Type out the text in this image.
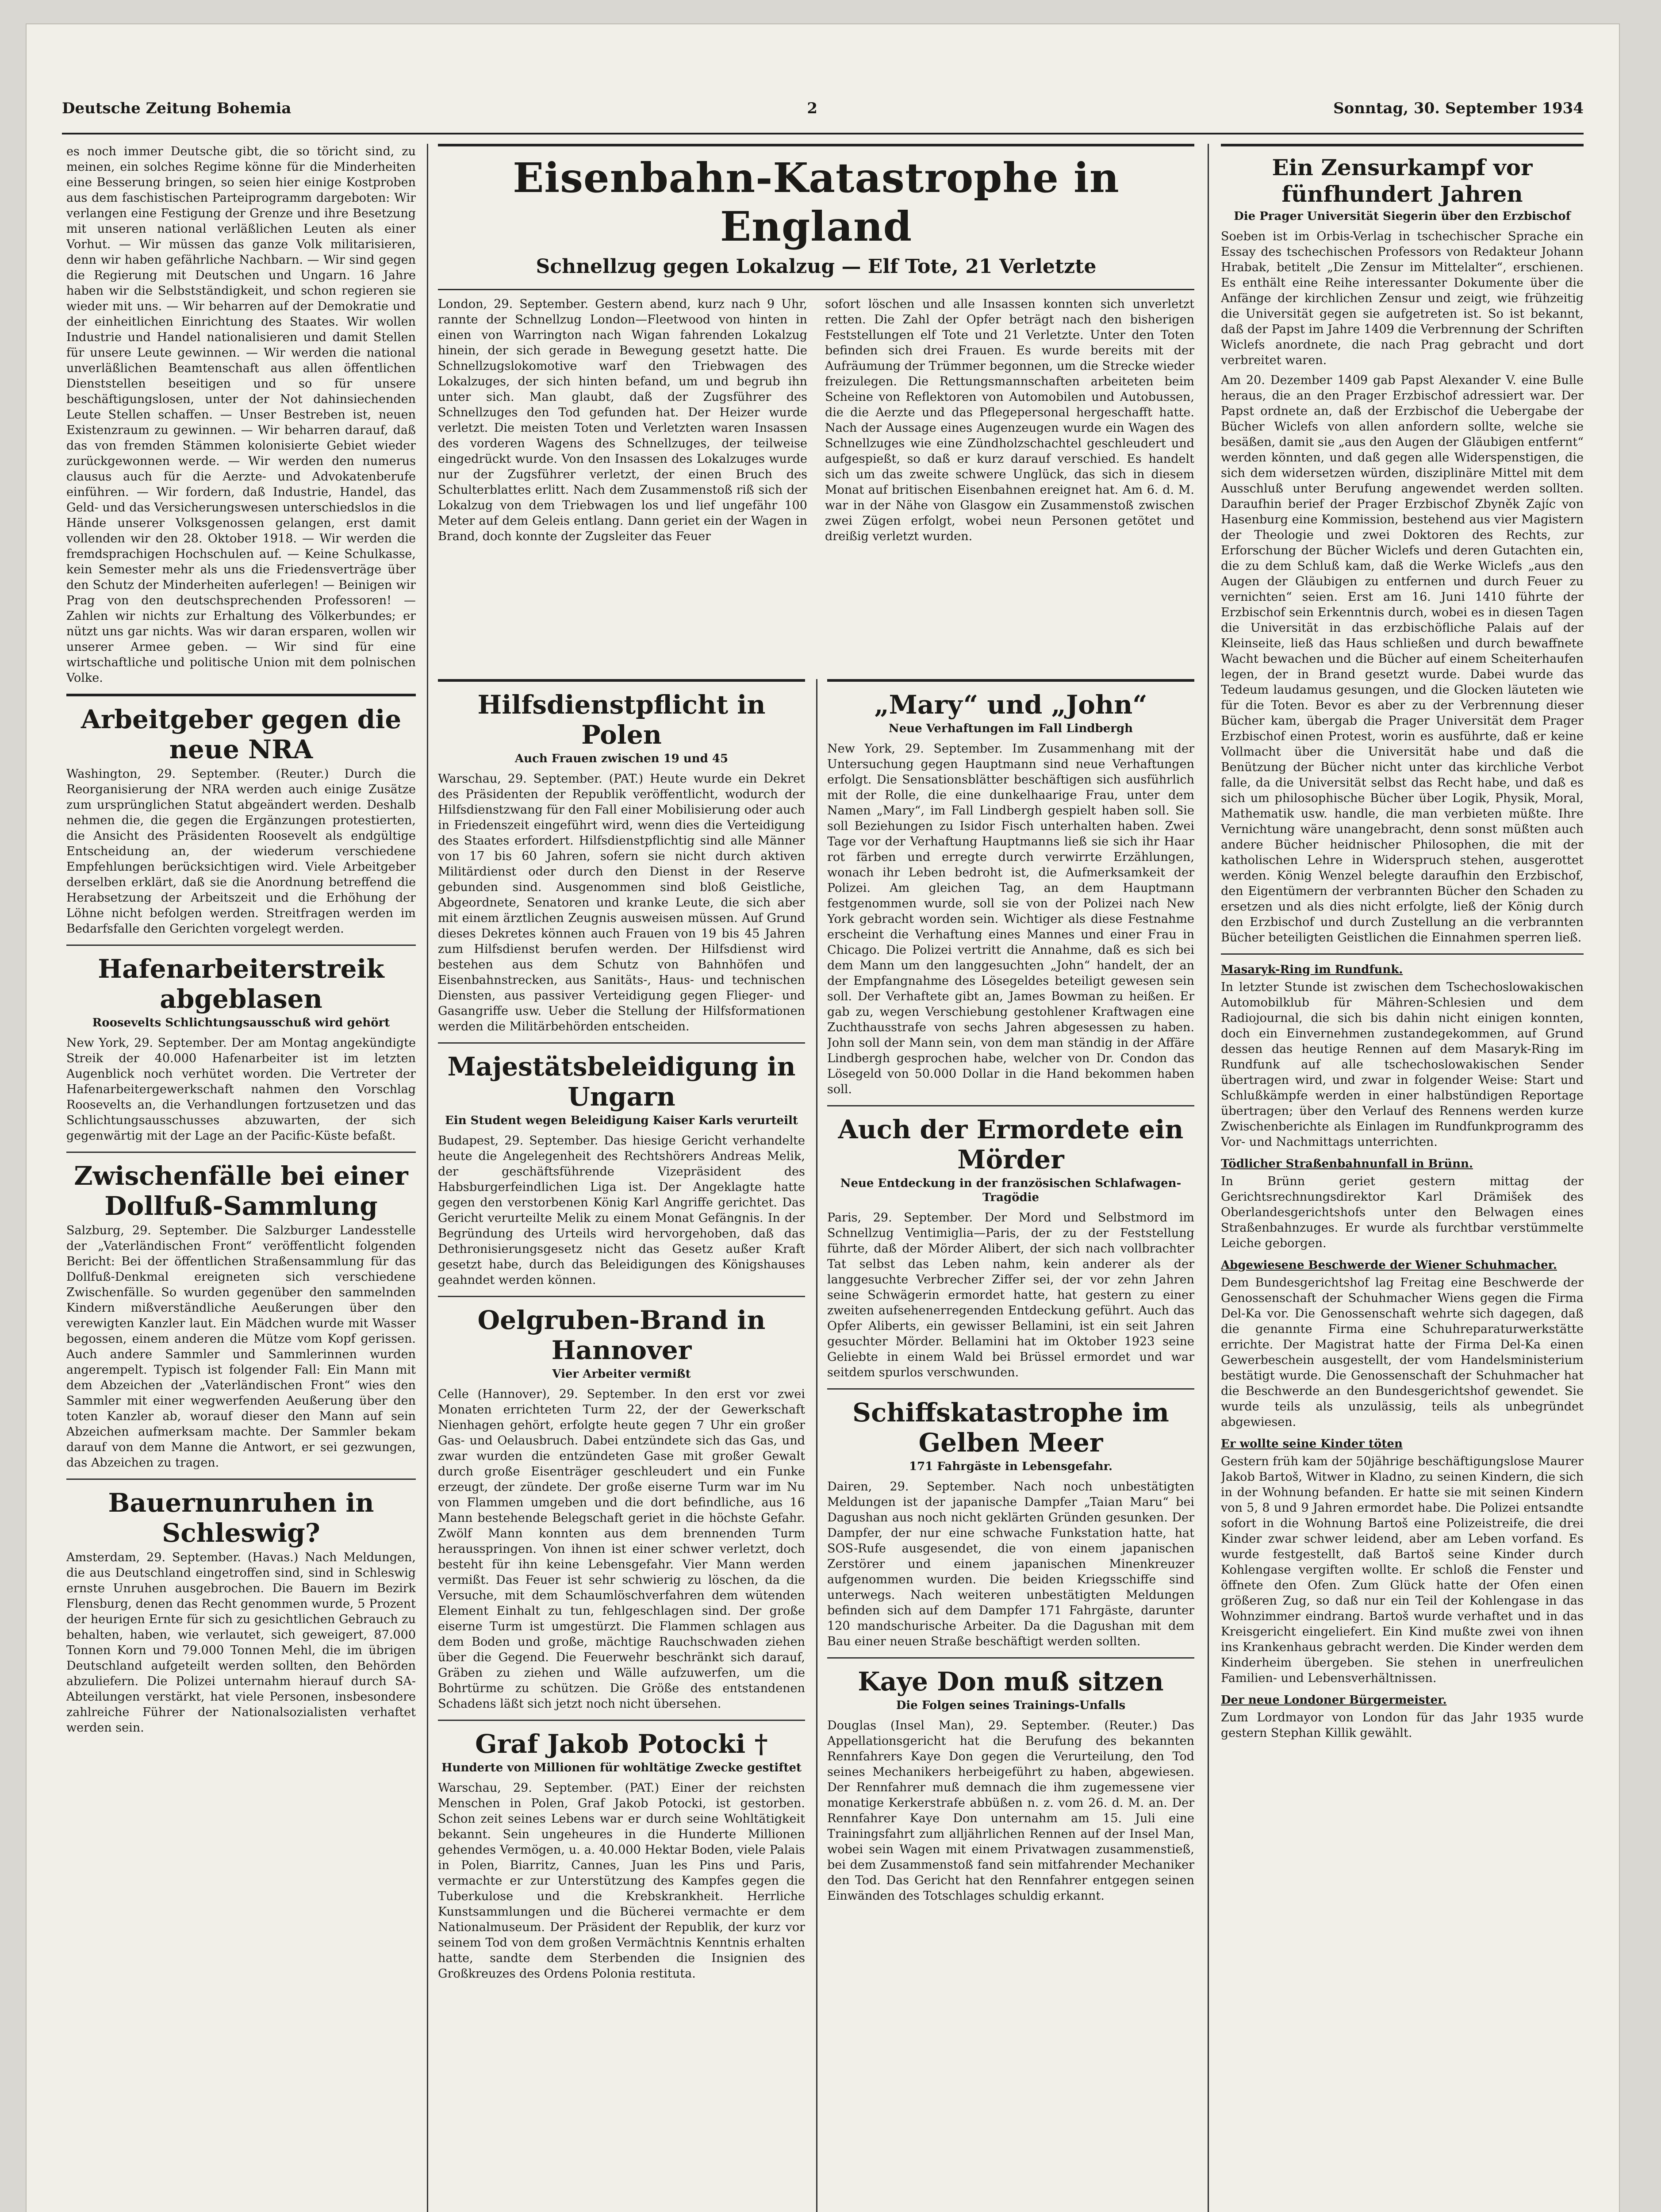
Deutsche Zeitung Bohemia	2	Sonntag, 30. September 1934

es noch immer Deutsche gibt, die so töricht sind, zu meinen, ein solches Regime könne für die Minderheiten eine Besserung bringen, so seien hier einige Kostproben aus dem faschistischen Parteiprogramm dargeboten: Wir verlangen eine Festigung der Grenze und ihre Besetzung mit unseren national verläßlichen Leuten als einer Vorhut. — Wir müssen das ganze Volk militarisieren, denn wir haben gefährliche Nachbarn. — Wir sind gegen die Regierung mit Deutschen und Ungarn. 16 Jahre haben wir die Selbstständigkeit, und schon regieren sie wieder mit uns. — Wir beharren auf der Demokratie und der einheitlichen Einrichtung des Staates. Wir wollen Industrie und Handel nationalisieren und damit Stellen für unsere Leute gewinnen. — Wir werden die national unverläßlichen Beamtenschaft aus allen öffentlichen Dienststellen beseitigen und so für unsere beschäftigungslosen, unter der Not dahinsiechenden Leute Stellen schaffen. — Unser Bestreben ist, neuen Existenzraum zu gewinnen. — Wir beharren darauf, daß das von fremden Stämmen kolonisierte Gebiet wieder zurückgewonnen werde. — Wir werden den numerus clausus auch für die Aerzte- und Advokatenberufe einführen. — Wir fordern, daß Industrie, Handel, das Geld- und das Versicherungswesen unterschiedslos in die Hände unserer Volksgenossen gelangen, erst damit vollenden wir den 28. Oktober 1918. — Wir werden die fremdsprachigen Hochschulen auf. — Keine Schulkasse, kein Semester mehr als uns die Friedensverträge über den Schutz der Minderheiten auferlegen! — Beinigen wir Prag von den deutschsprechenden Professoren! — Zahlen wir nichts zur Erhaltung des Völkerbundes; er nützt uns gar nichts. Was wir daran ersparen, wollen wir unserer Armee geben. — Wir sind für eine wirtschaftliche und politische Union mit dem polnischen Volke.

Arbeitgeber gegen die neue NRA

Washington, 29. September. (Reuter.) Durch die Reorganisierung der NRA werden auch einige Zusätze zum ursprünglichen Statut abgeändert werden. Deshalb nehmen die, die gegen die Ergänzungen protestierten, die Ansicht des Präsidenten Roosevelt als endgültige Entscheidung an, der wiederum verschiedene Empfehlungen berücksichtigen wird. Viele Arbeitgeber derselben erklärt, daß sie die Anordnung betreffend die Herabsetzung der Arbeitszeit und die Erhöhung der Löhne nicht befolgen werden. Streitfragen werden im Bedarfsfalle den Gerichten vorgelegt werden.

Hafenarbeiterstreik abgeblasen
Roosevelts Schlichtungsausschuß wird gehört

New York, 29. September. Der am Montag angekündigte Streik der 40.000 Hafenarbeiter ist im letzten Augenblick noch verhütet worden. Die Vertreter der Hafenarbeitergewerkschaft nahmen den Vorschlag Roosevelts an, die Verhandlungen fortzusetzen und das Schlichtungsausschusses abzuwarten, der sich gegenwärtig mit der Lage an der Pacific-Küste befaßt.

Zwischenfälle bei einer Dollfuß-Sammlung

Salzburg, 29. September. Die Salzburger Landesstelle der „Vaterländischen Front“ veröffentlicht folgenden Bericht: Bei der öffentlichen Straßensammlung für das Dollfuß-Denkmal ereigneten sich verschiedene Zwischenfälle. So wurden gegenüber den sammelnden Kindern mißverständliche Aeußerungen über den verewigten Kanzler laut. Ein Mädchen wurde mit Wasser begossen, einem anderen die Mütze vom Kopf gerissen. Auch andere Sammler und Sammlerinnen wurden angerempelt. Typisch ist folgender Fall: Ein Mann mit dem Abzeichen der „Vaterländischen Front“ wies den Sammler mit einer wegwerfenden Aeußerung über den toten Kanzler ab, worauf dieser den Mann auf sein Abzeichen aufmerksam machte. Der Sammler bekam darauf von dem Manne die Antwort, er sei gezwungen, das Abzeichen zu tragen.

Bauernunruhen in Schleswig?

Amsterdam, 29. September. (Havas.) Nach Meldungen, die aus Deutschland eingetroffen sind, sind in Schleswig ernste Unruhen ausgebrochen. Die Bauern im Bezirk Flensburg, denen das Recht genommen wurde, 5 Prozent der heurigen Ernte für sich zu gesichtlichen Gebrauch zu behalten, haben, wie verlautet, sich geweigert, 87.000 Tonnen Korn und 79.000 Tonnen Mehl, die im übrigen Deutschland aufgeteilt werden sollten, den Behörden abzuliefern. Die Polizei unternahm hierauf durch SA-Abteilungen verstärkt, hat viele Personen, insbesondere zahlreiche Führer der Nationalsozialisten verhaftet werden sein.

Eisenbahn-Katastrophe in England
Schnellzug gegen Lokalzug — Elf Tote, 21 Verletzte

London, 29. September. Gestern abend, kurz nach 9 Uhr, rannte der Schnellzug London—Fleetwood von hinten in einen von Warrington nach Wigan fahrenden Lokalzug hinein, der sich gerade in Bewegung gesetzt hatte. Die Schnellzugslokomotive warf den Triebwagen des Lokalzuges, der sich hinten befand, um und begrub ihn unter sich. Man glaubt, daß der Zugsführer des Schnellzuges den Tod gefunden hat. Der Heizer wurde verletzt. Die meisten Toten und Verletzten waren Insassen des vorderen Wagens des Schnellzuges, der teilweise eingedrückt wurde. Von den Insassen des Lokalzuges wurde nur der Zugsführer verletzt, der einen Bruch des Schulterblattes erlitt. Nach dem Zusammenstoß riß sich der Lokalzug von dem Triebwagen los und lief ungefähr 100 Meter auf dem Geleis entlang. Dann geriet ein der Wagen in Brand, doch konnte der Zugsleiter das Feuer

sofort löschen und alle Insassen konnten sich unverletzt retten. Die Zahl der Opfer beträgt nach den bisherigen Feststellungen elf Tote und 21 Verletzte. Unter den Toten befinden sich drei Frauen. Es wurde bereits mit der Aufräumung der Trümmer begonnen, um die Strecke wieder freizulegen. Die Rettungsmannschaften arbeiteten beim Scheine von Reflektoren von Automobilen und Autobussen, die die Aerzte und das Pflegepersonal hergeschafft hatte. Nach der Aussage eines Augenzeugen wurde ein Wagen des Schnellzuges wie eine Zündholzschachtel geschleudert und aufgespießt, so daß er kurz darauf verschied. Es handelt sich um das zweite schwere Unglück, das sich in diesem Monat auf britischen Eisenbahnen ereignet hat. Am 6. d. M. war in der Nähe von Glasgow ein Zusammenstoß zwischen zwei Zügen erfolgt, wobei neun Personen getötet und dreißig verletzt wurden.

Hilfsdienstpflicht in Polen
Auch Frauen zwischen 19 und 45

Warschau, 29. September. (PAT.) Heute wurde ein Dekret des Präsidenten der Republik veröffentlicht, wodurch der Hilfsdienstzwang für den Fall einer Mobilisierung oder auch in Friedenszeit eingeführt wird, wenn dies die Verteidigung des Staates erfordert. Hilfsdienstpflichtig sind alle Männer von 17 bis 60 Jahren, sofern sie nicht durch aktiven Militärdienst oder durch den Dienst in der Reserve gebunden sind. Ausgenommen sind bloß Geistliche, Abgeordnete, Senatoren und kranke Leute, die sich aber mit einem ärztlichen Zeugnis ausweisen müssen. Auf Grund dieses Dekretes können auch Frauen von 19 bis 45 Jahren zum Hilfsdienst berufen werden. Der Hilfsdienst wird bestehen aus dem Schutz von Bahnhöfen und Eisenbahnstrecken, aus Sanitäts-, Haus- und technischen Diensten, aus passiver Verteidigung gegen Flieger- und Gasangriffe usw. Ueber die Stellung der Hilfsformationen werden die Militärbehörden entscheiden.

Majestätsbeleidigung in Ungarn
Ein Student wegen Beleidigung Kaiser Karls verurteilt

Budapest, 29. September. Das hiesige Gericht verhandelte heute die Angelegenheit des Rechtshörers Andreas Melik, der geschäftsführende Vizepräsident des Habsburgerfeindlichen Liga ist. Der Angeklagte hatte gegen den verstorbenen König Karl Angriffe gerichtet. Das Gericht verurteilte Melik zu einem Monat Gefängnis. In der Begründung des Urteils wird hervorgehoben, daß das Dethronisierungsgesetz nicht das Gesetz außer Kraft gesetzt habe, durch das Beleidigungen des Königshauses geahndet werden können.

Oelgruben-Brand in Hannover
Vier Arbeiter vermißt

Celle (Hannover), 29. September. In den erst vor zwei Monaten errichteten Turm 22, der der Gewerkschaft Nienhagen gehört, erfolgte heute gegen 7 Uhr ein großer Gas- und Oelausbruch. Dabei entzündete sich das Gas, und zwar wurden die entzündeten Gase mit großer Gewalt durch große Eisenträger geschleudert und ein Funke erzeugt, der zündete. Der große eiserne Turm war im Nu von Flammen umgeben und die dort befindliche, aus 16 Mann bestehende Belegschaft geriet in die höchste Gefahr. Zwölf Mann konnten aus dem brennenden Turm herausspringen. Von ihnen ist einer schwer verletzt, doch besteht für ihn keine Lebensgefahr. Vier Mann werden vermißt. Das Feuer ist sehr schwierig zu löschen, da die Versuche, mit dem Schaumlöschverfahren dem wütenden Element Einhalt zu tun, fehlgeschlagen sind. Der große eiserne Turm ist umgestürzt. Die Flammen schlagen aus dem Boden und große, mächtige Rauchschwaden ziehen über die Gegend. Die Feuerwehr beschränkt sich darauf, Gräben zu ziehen und Wälle aufzuwerfen, um die Bohrtürme zu schützen. Die Größe des entstandenen Schadens läßt sich jetzt noch nicht übersehen.

Graf Jakob Potocki †
Hunderte von Millionen für wohltätige Zwecke gestiftet

Warschau, 29. September. (PAT.) Einer der reichsten Menschen in Polen, Graf Jakob Potocki, ist gestorben. Schon zeit seines Lebens war er durch seine Wohltätigkeit bekannt. Sein ungeheures in die Hunderte Millionen gehendes Vermögen, u. a. 40.000 Hektar Boden, viele Palais in Polen, Biarritz, Cannes, Juan les Pins und Paris, vermachte er zur Unterstützung des Kampfes gegen die Tuberkulose und die Krebskrankheit. Herrliche Kunstsammlungen und die Bücherei vermachte er dem Nationalmuseum. Der Präsident der Republik, der kurz vor seinem Tod von dem großen Vermächtnis Kenntnis erhalten hatte, sandte dem Sterbenden die Insignien des Großkreuzes des Ordens Polonia restituta.

„Mary“ und „John“
Neue Verhaftungen im Fall Lindbergh

New York, 29. September. Im Zusammenhang mit der Untersuchung gegen Hauptmann sind neue Verhaftungen erfolgt. Die Sensationsblätter beschäftigen sich ausführlich mit der Rolle, die eine dunkelhaarige Frau, unter dem Namen „Mary“, im Fall Lindbergh gespielt haben soll. Sie soll Beziehungen zu Isidor Fisch unterhalten haben. Zwei Tage vor der Verhaftung Hauptmanns ließ sie sich ihr Haar rot färben und erregte durch verwirrte Erzählungen, wonach ihr Leben bedroht ist, die Aufmerksamkeit der Polizei. Am gleichen Tag, an dem Hauptmann festgenommen wurde, soll sie von der Polizei nach New York gebracht worden sein. Wichtiger als diese Festnahme erscheint die Verhaftung eines Mannes und einer Frau in Chicago. Die Polizei vertritt die Annahme, daß es sich bei dem Mann um den langgesuchten „John“ handelt, der an der Empfangnahme des Lösegeldes beteiligt gewesen sein soll. Der Verhaftete gibt an, James Bowman zu heißen. Er gab zu, wegen Verschiebung gestohlener Kraftwagen eine Zuchthausstrafe von sechs Jahren abgesessen zu haben. John soll der Mann sein, von dem man ständig in der Affäre Lindbergh gesprochen habe, welcher von Dr. Condon das Lösegeld von 50.000 Dollar in die Hand bekommen haben soll.

Auch der Ermordete ein Mörder
Neue Entdeckung in der französischen Schlafwagen-Tragödie

Paris, 29. September. Der Mord und Selbstmord im Schnellzug Ventimiglia—Paris, der zu der Feststellung führte, daß der Mörder Alibert, der sich nach vollbrachter Tat selbst das Leben nahm, kein anderer als der langgesuchte Verbrecher Ziffer sei, der vor zehn Jahren seine Schwägerin ermordet hatte, hat gestern zu einer zweiten aufsehenerregenden Entdeckung geführt. Auch das Opfer Aliberts, ein gewisser Bellamini, ist ein seit Jahren gesuchter Mörder. Bellamini hat im Oktober 1923 seine Geliebte in einem Wald bei Brüssel ermordet und war seitdem spurlos verschwunden.

Schiffskatastrophe im Gelben Meer
171 Fahrgäste in Lebensgefahr.

Dairen, 29. September. Nach noch unbestätigten Meldungen ist der japanische Dampfer „Taian Maru“ bei Dagushan aus noch nicht geklärten Gründen gesunken. Der Dampfer, der nur eine schwache Funkstation hatte, hat SOS-Rufe ausgesendet, die von einem japanischen Zerstörer und einem japanischen Minenkreuzer aufgenommen wurden. Die beiden Kriegsschiffe sind unterwegs. Nach weiteren unbestätigten Meldungen befinden sich auf dem Dampfer 171 Fahrgäste, darunter 120 mandschurische Arbeiter. Da die Dagushan mit dem Bau einer neuen Straße beschäftigt werden sollten.

Kaye Don muß sitzen
Die Folgen seines Trainings-Unfalls

Douglas (Insel Man), 29. September. (Reuter.) Das Appellationsgericht hat die Berufung des bekannten Rennfahrers Kaye Don gegen die Verurteilung, den Tod seines Mechanikers herbeigeführt zu haben, abgewiesen. Der Rennfahrer muß demnach die ihm zugemessene vier monatige Kerkerstrafe abbüßen n. z. vom 26. d. M. an. Der Rennfahrer Kaye Don unternahm am 15. Juli eine Trainingsfahrt zum alljährlichen Rennen auf der Insel Man, wobei sein Wagen mit einem Privatwagen zusammenstieß, bei dem Zusammenstoß fand sein mitfahrender Mechaniker den Tod. Das Gericht hat den Rennfahrer entgegen seinen Einwänden des Totschlages schuldig erkannt.

Ein Zensurkampf vor fünfhundert Jahren
Die Prager Universität Siegerin über den Erzbischof

Soeben ist im Orbis-Verlag in tschechischer Sprache ein Essay des tschechischen Professors von Redakteur Johann Hrabak, betitelt „Die Zensur im Mittelalter“, erschienen. Es enthält eine Reihe interessanter Dokumente über die Anfänge der kirchlichen Zensur und zeigt, wie frühzeitig die Universität gegen sie aufgetreten ist. So ist bekannt, daß der Papst im Jahre 1409 die Verbrennung der Schriften Wiclefs anordnete, die nach Prag gebracht und dort verbreitet waren.

Am 20. Dezember 1409 gab Papst Alexander V. eine Bulle heraus, die an den Prager Erzbischof adressiert war. Der Papst ordnete an, daß der Erzbischof die Uebergabe der Bücher Wiclefs von allen anfordern sollte, welche sie besäßen, damit sie „aus den Augen der Gläubigen entfernt“ werden könnten, und daß gegen alle Widerspenstigen, die sich dem widersetzen würden, disziplinäre Mittel mit dem Ausschluß unter Berufung angewendet werden sollten. Daraufhin berief der Prager Erzbischof Zbyněk Zajíc von Hasenburg eine Kommission, bestehend aus vier Magistern der Theologie und zwei Doktoren des Rechts, zur Erforschung der Bücher Wiclefs und deren Gutachten ein, die zu dem Schluß kam, daß die Werke Wiclefs „aus den Augen der Gläubigen zu entfernen und durch Feuer zu vernichten“ seien. Erst am 16. Juni 1410 führte der Erzbischof sein Erkenntnis durch, wobei es in diesen Tagen die Universität in das erzbischöfliche Palais auf der Kleinseite, ließ das Haus schließen und durch bewaffnete Wacht bewachen und die Bücher auf einem Scheiterhaufen legen, der in Brand gesetzt wurde. Dabei wurde das Tedeum laudamus gesungen, und die Glocken läuteten wie für die Toten. Bevor es aber zu der Verbrennung dieser Bücher kam, übergab die Prager Universität dem Prager Erzbischof einen Protest, worin es ausführte, daß er keine Vollmacht über die Universität habe und daß die Benützung der Bücher nicht unter das kirchliche Verbot falle, da die Universität selbst das Recht habe, und daß es sich um philosophische Bücher über Logik, Physik, Moral, Mathematik usw. handle, die man verbieten müßte. Ihre Vernichtung wäre unangebracht, denn sonst müßten auch andere Bücher heidnischer Philosophen, die mit der katholischen Lehre in Widerspruch stehen, ausgerottet werden. König Wenzel belegte daraufhin den Erzbischof, den Eigentümern der verbrannten Bücher den Schaden zu ersetzen und als dies nicht erfolgte, ließ der König durch den Erzbischof und durch Zustellung an die verbrannten Bücher beteiligten Geistlichen die Einnahmen sperren ließ.

Masaryk-Ring im Rundfunk.

In letzter Stunde ist zwischen dem Tschechoslowakischen Automobilklub für Mähren-Schlesien und dem Radiojournal, die sich bis dahin nicht einigen konnten, doch ein Einvernehmen zustandegekommen, auf Grund dessen das heutige Rennen auf dem Masaryk-Ring im Rundfunk auf alle tschechoslowakischen Sender übertragen wird, und zwar in folgender Weise: Start und Schlußkämpfe werden in einer halbstündigen Reportage übertragen; über den Verlauf des Rennens werden kurze Zwischenberichte als Einlagen im Rundfunkprogramm des Vor- und Nachmittags unterrichten.

Tödlicher Straßenbahnunfall in Brünn.

In Brünn geriet gestern mittag der Gerichtsrechnungsdirektor Karl Drämišek des Oberlandesgerichtshofs unter den Belwagen eines Straßenbahnzuges. Er wurde als furchtbar verstümmelte Leiche geborgen.

Abgewiesene Beschwerde der Wiener Schuhmacher.

Dem Bundesgerichtshof lag Freitag eine Beschwerde der Genossenschaft der Schuhmacher Wiens gegen die Firma Del-Ka vor. Die Genossenschaft wehrte sich dagegen, daß die genannte Firma eine Schuhreparaturwerkstätte errichte. Der Magistrat hatte der Firma Del-Ka einen Gewerbeschein ausgestellt, der vom Handelsministerium bestätigt wurde. Die Genossenschaft der Schuhmacher hat die Beschwerde an den Bundesgerichtshof gewendet. Sie wurde teils als unzulässig, teils als unbegründet abgewiesen.

Er wollte seine Kinder töten

Gestern früh kam der 50jährige beschäftigungslose Maurer Jakob Bartoš, Witwer in Kladno, zu seinen Kindern, die sich in der Wohnung befanden. Er hatte sie mit seinen Kindern von 5, 8 und 9 Jahren ermordet habe. Die Polizei entsandte sofort in die Wohnung Bartoš eine Polizeistreife, die drei Kinder zwar schwer leidend, aber am Leben vorfand. Es wurde festgestellt, daß Bartoš seine Kinder durch Kohlengase vergiften wollte. Er schloß die Fenster und öffnete den Ofen. Zum Glück hatte der Ofen einen größeren Zug, so daß nur ein Teil der Kohlengase in das Wohnzimmer eindrang. Bartoš wurde verhaftet und in das Kreisgericht eingeliefert. Ein Kind mußte zwei von ihnen ins Krankenhaus gebracht werden. Die Kinder werden dem Kinderheim übergeben. Sie stehen in unerfreulichen Familien- und Lebensverhältnissen.

Der neue Londoner Bürgermeister.

Zum Lordmayor von London für das Jahr 1935 wurde gestern Stephan Killik gewählt.
